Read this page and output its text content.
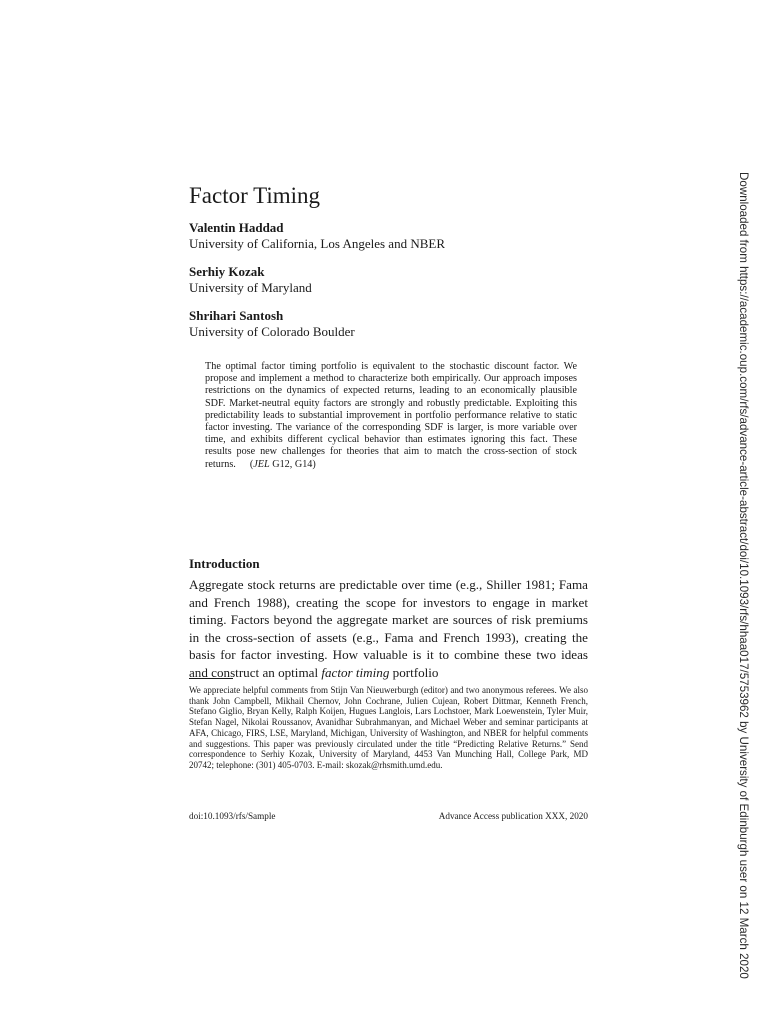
Factor Timing
Valentin Haddad
University of California, Los Angeles and NBER
Serhiy Kozak
University of Maryland
Shrihari Santosh
University of Colorado Boulder

The optimal factor timing portfolio is equivalent to the stochastic discount factor. We propose and implement a method to characterize both empirically. Our approach imposes restrictions on the dynamics of expected returns, leading to an economically plausible SDF. Market-neutral equity factors are strongly and robustly predictable. Exploiting this predictability leads to substantial improvement in portfolio performance relative to static factor investing. The variance of the corresponding SDF is larger, is more variable over time, and exhibits different cyclical behavior than estimates ignoring this fact. These results pose new challenges for theories that aim to match the cross-section of stock returns. (JEL G12, G14)

Introduction

Aggregate stock returns are predictable over time (e.g., Shiller 1981; Fama and French 1988), creating the scope for investors to engage in market timing. Factors beyond the aggregate market are sources of risk premiums in the cross-section of assets (e.g., Fama and French 1993), creating the basis for factor investing. How valuable is it to combine these two ideas and construct an optimal factor timing portfolio

We appreciate helpful comments from Stijn Van Nieuwerburgh (editor) and two anonymous referees. We also thank John Campbell, Mikhail Chernov, John Cochrane, Julien Cujean, Robert Dittmar, Kenneth French, Stefano Giglio, Bryan Kelly, Ralph Koijen, Hugues Langlois, Lars Lochstoer, Mark Loewenstein, Tyler Muir, Stefan Nagel, Nikolai Roussanov, Avanidhar Subrahmanyan, and Michael Weber and seminar participants at AFA, Chicago, FIRS, LSE, Maryland, Michigan, University of Washington, and NBER for helpful comments and suggestions. This paper was previously circulated under the title “Predicting Relative Returns.” Send correspondence to Serhiy Kozak, University of Maryland, 4453 Van Munching Hall, College Park, MD 20742; telephone: (301) 405-0703. E-mail: skozak@rhsmith.umd.edu.

doi:10.1093/rfs/Sample	Advance Access publication XXX, 2020	Downloaded from https://academic.oup.com/rfs/advance-article-abstract/doi/10.1093/rfs/hhaa017/5753962 by University of Edinburgh user on 12 March 2020
